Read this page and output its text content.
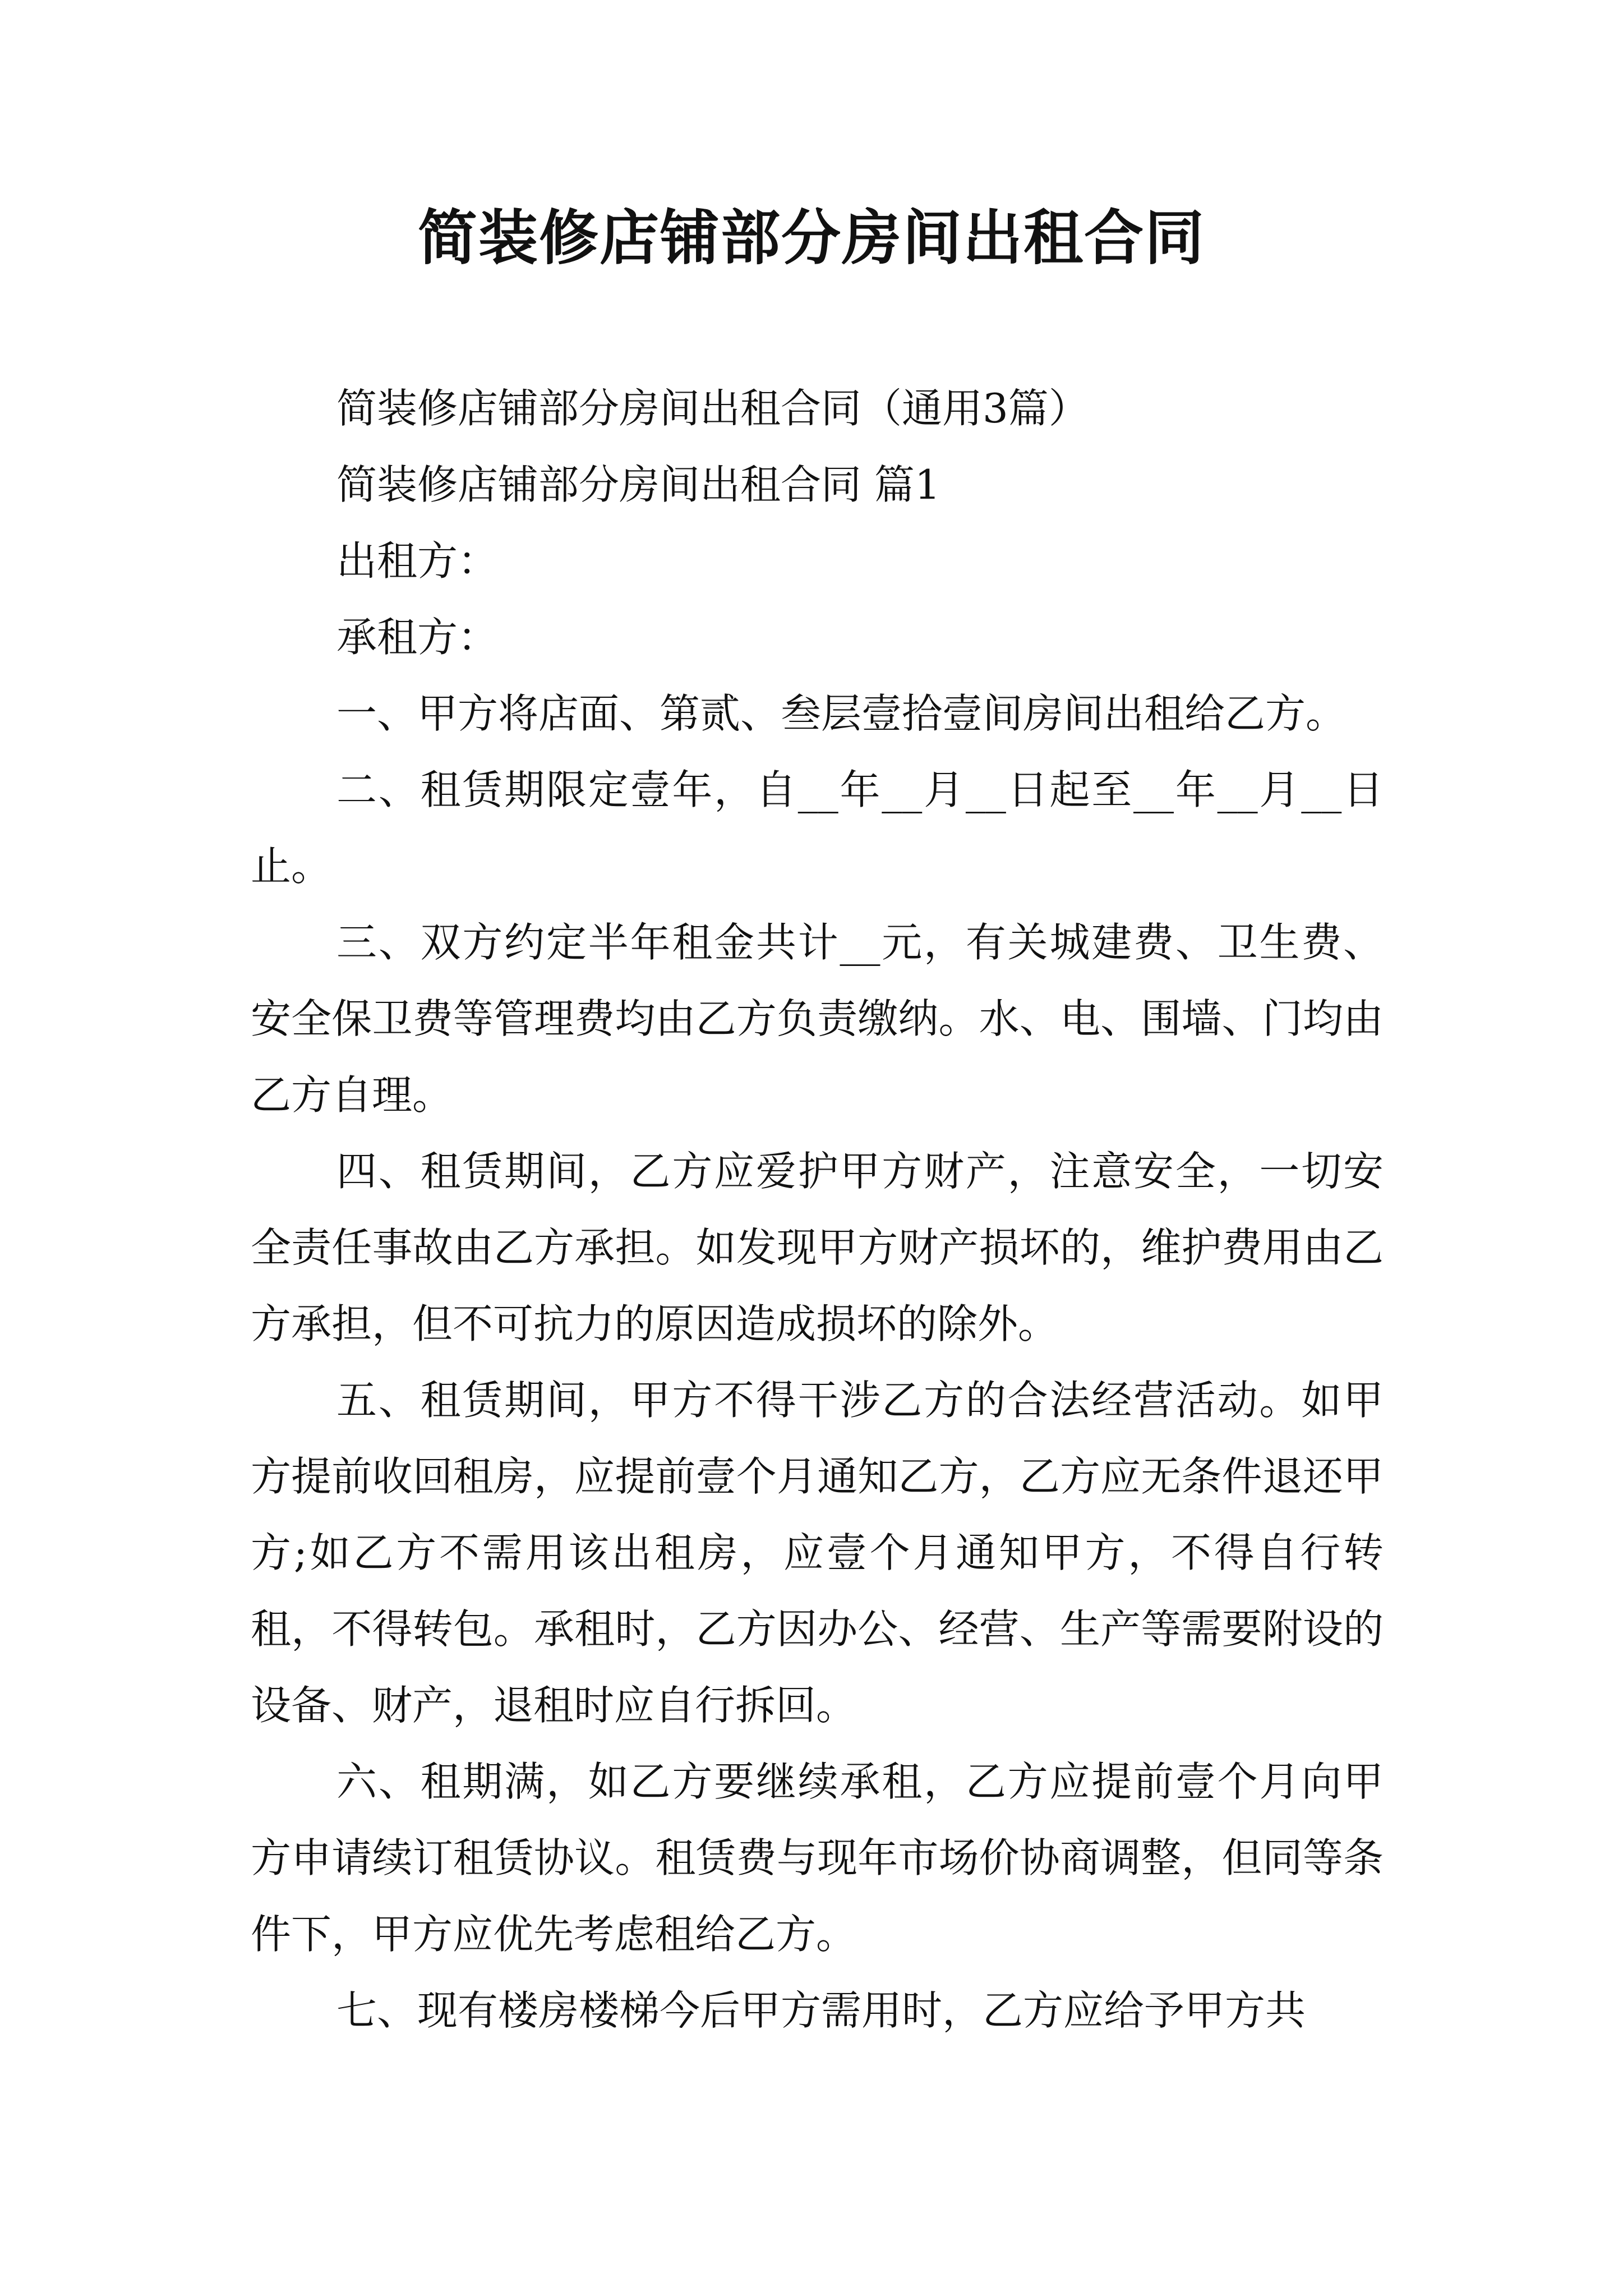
简装修店铺部分房间出租合同

简装修店铺部分房间出租合同（通用3篇）

简装修店铺部分房间出租合同 篇1

出租方：

承租方：

一、甲方将店面、第贰、叁层壹拾壹间房间出租给乙方。

二、租赁期限定壹年，自__年__月__日起至__年__月__日止。

三、双方约定半年租金共计__元，有关城建费、卫生费、安全保卫费等管理费均由乙方负责缴纳。水、电、围墙、门均由乙方自理。

四、租赁期间，乙方应爱护甲方财产，注意安全，一切安全责任事故由乙方承担。如发现甲方财产损坏的，维护费用由乙方承担，但不可抗力的原因造成损坏的除外。

五、租赁期间，甲方不得干涉乙方的合法经营活动。如甲方提前收回租房，应提前壹个月通知乙方，乙方应无条件退还甲方;如乙方不需用该出租房，应壹个月通知甲方，不得自行转租，不得转包。承租时，乙方因办公、经营、生产等需要附设的设备、财产，退租时应自行拆回。

六、租期满，如乙方要继续承租，乙方应提前壹个月向甲方申请续订租赁协议。租赁费与现年市场价协商调整，但同等条件下，甲方应优先考虑租给乙方。

七、现有楼房楼梯今后甲方需用时，乙方应给予甲方共
